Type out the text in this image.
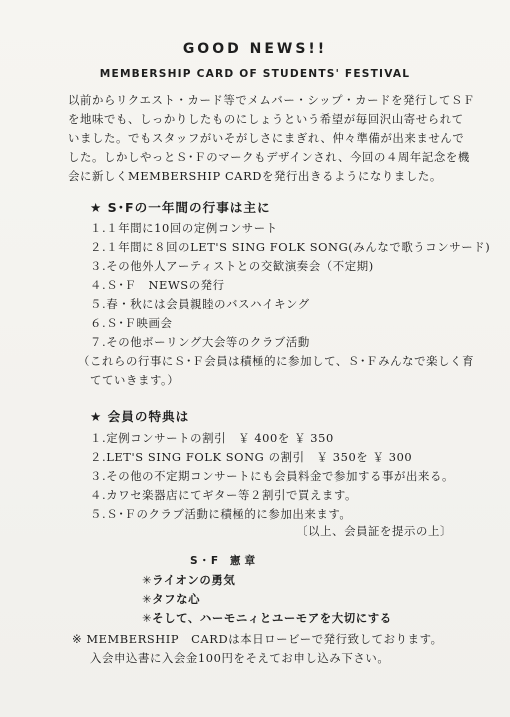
GOOD NEWS!!
MEMBERSHIP CARD OF STUDENTS' FESTIVAL
以前からリクエスト・カード等でメムバー・シップ・カードを発行してＳＦ
を地味でも、しっかりしたものにしょうという希望が毎回沢山寄せられて
いました。でもスタッフがいそがしさにまぎれ、仲々準備が出来ませんで
した。しかしやっとＳ･Ｆのマークもデザインされ、今回の４周年記念を機
会に新しくMEMBERSHIP CARDを発行出きるようになりました。
★ S･Fの一年間の行事は主に
１.１年間に10回の定例コンサート
２.１年間に８回のLET'S SING FOLK SONG(みんなで歌うコンサード)
３.その他外人アーティストとの交歓演奏会（不定期)
４.Ｓ･Ｆ　NEWSの発行
５.春・秋には会員親睦のバスハイキング
６.Ｓ･Ｆ映画会
７.その他ボーリング大会等のクラブ活動
（これらの行事にＳ･Ｆ会員は積極的に参加して、Ｓ･Ｆみんなで楽しく育
てていきます。）
★ 会員の特典は
１.定例コンサートの割引　￥ 400を ￥ 350
２.LET'S SING FOLK SONG の割引　￥ 350を ￥ 300
３.その他の不定期コンサートにも会員料金で参加する事が出来る。
４.カワセ楽器店にてギター等２割引で買えます。
５.Ｓ･Ｆのクラブ活動に積極的に参加出来ます。
〔以上、会員証を提示の上〕
S･F 憲章
✳ライオンの勇気
✳タフな心
✳そして、ハーモニィとユーモアを大切にする
※ MEMBERSHIP　CARDは本日ロービーで発行致しております。
入会申込書に入会金100円をそえてお申し込み下さい。
